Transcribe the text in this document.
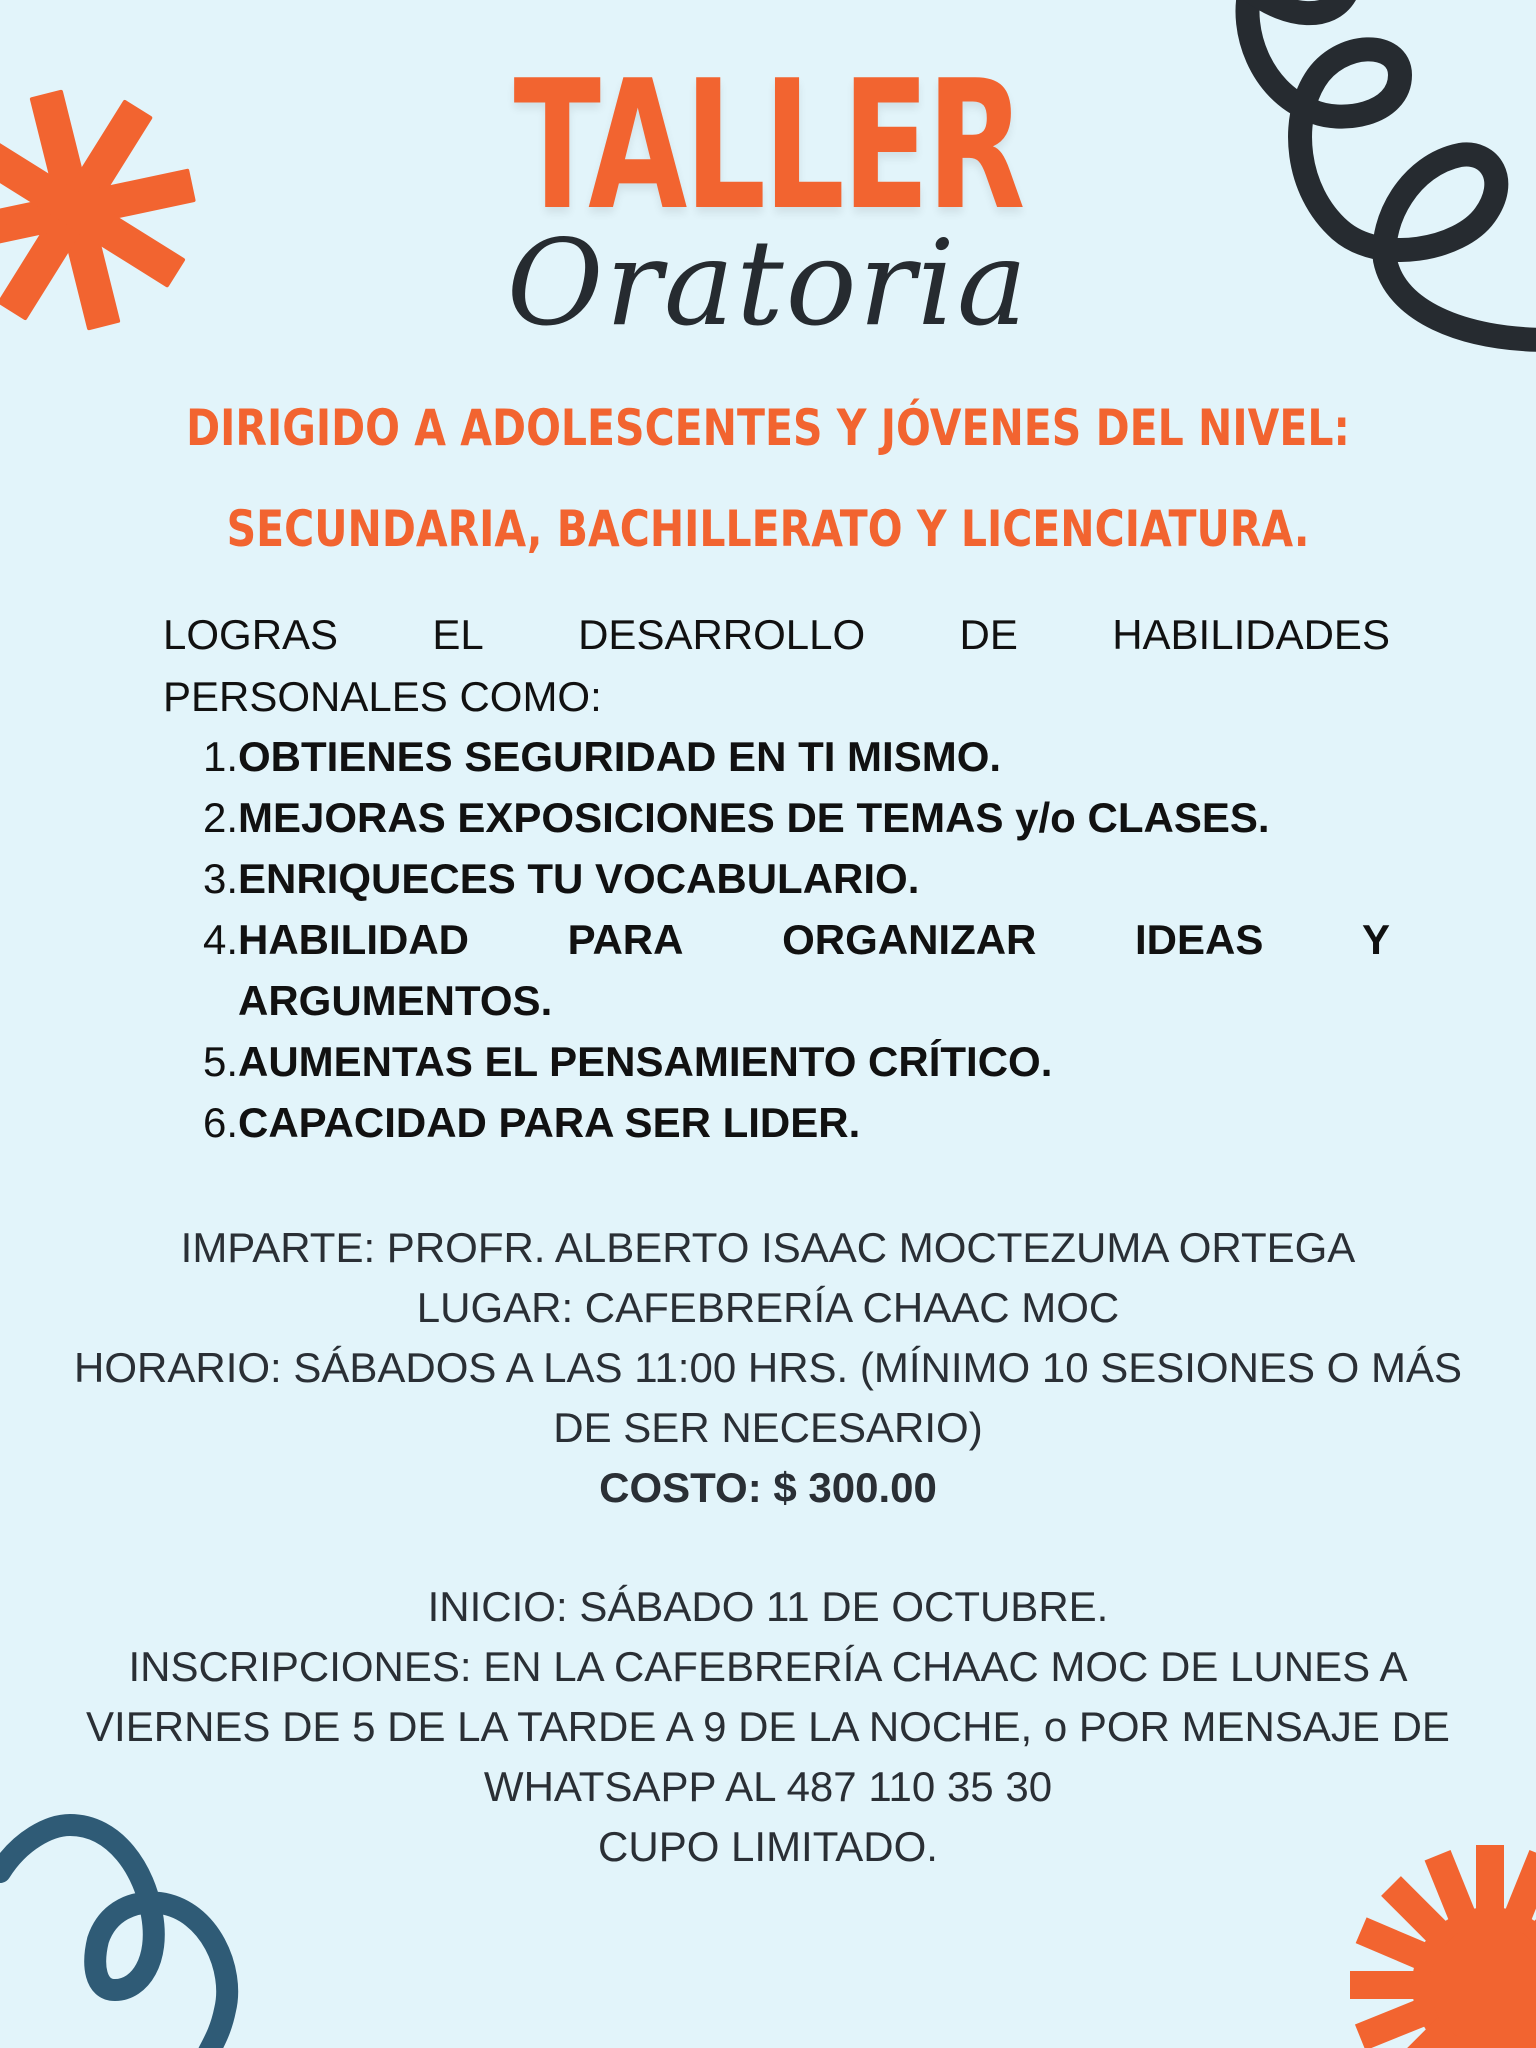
TALLER
Oratoria
DIRIGIDO A ADOLESCENTES Y JÓVENES DEL NIVEL:
SECUNDARIA, BACHILLERATO Y LICENCIATURA.
LOGRAS EL DESARROLLO DE HABILIDADES
PERSONALES COMO:
1. OBTIENES SEGURIDAD EN TI MISMO.
2. MEJORAS EXPOSICIONES DE TEMAS y/o CLASES.
3. ENRIQUECES TU VOCABULARIO.
4. HABILIDAD PARA ORGANIZAR IDEAS Y
ARGUMENTOS.
5. AUMENTAS EL PENSAMIENTO CRÍTICO.
6. CAPACIDAD PARA SER LIDER.
IMPARTE: PROFR. ALBERTO ISAAC MOCTEZUMA ORTEGA
LUGAR: CAFEBRERÍA CHAAC MOC
HORARIO: SÁBADOS A LAS 11:00 HRS. (MÍNIMO 10 SESIONES O MÁS
DE SER NECESARIO)
COSTO: $ 300.00
INICIO: SÁBADO 11 DE OCTUBRE.
INSCRIPCIONES: EN LA CAFEBRERÍA CHAAC MOC DE LUNES A
VIERNES DE 5 DE LA TARDE A 9 DE LA NOCHE, o POR MENSAJE DE
WHATSAPP AL 487 110 35 30
CUPO LIMITADO.
